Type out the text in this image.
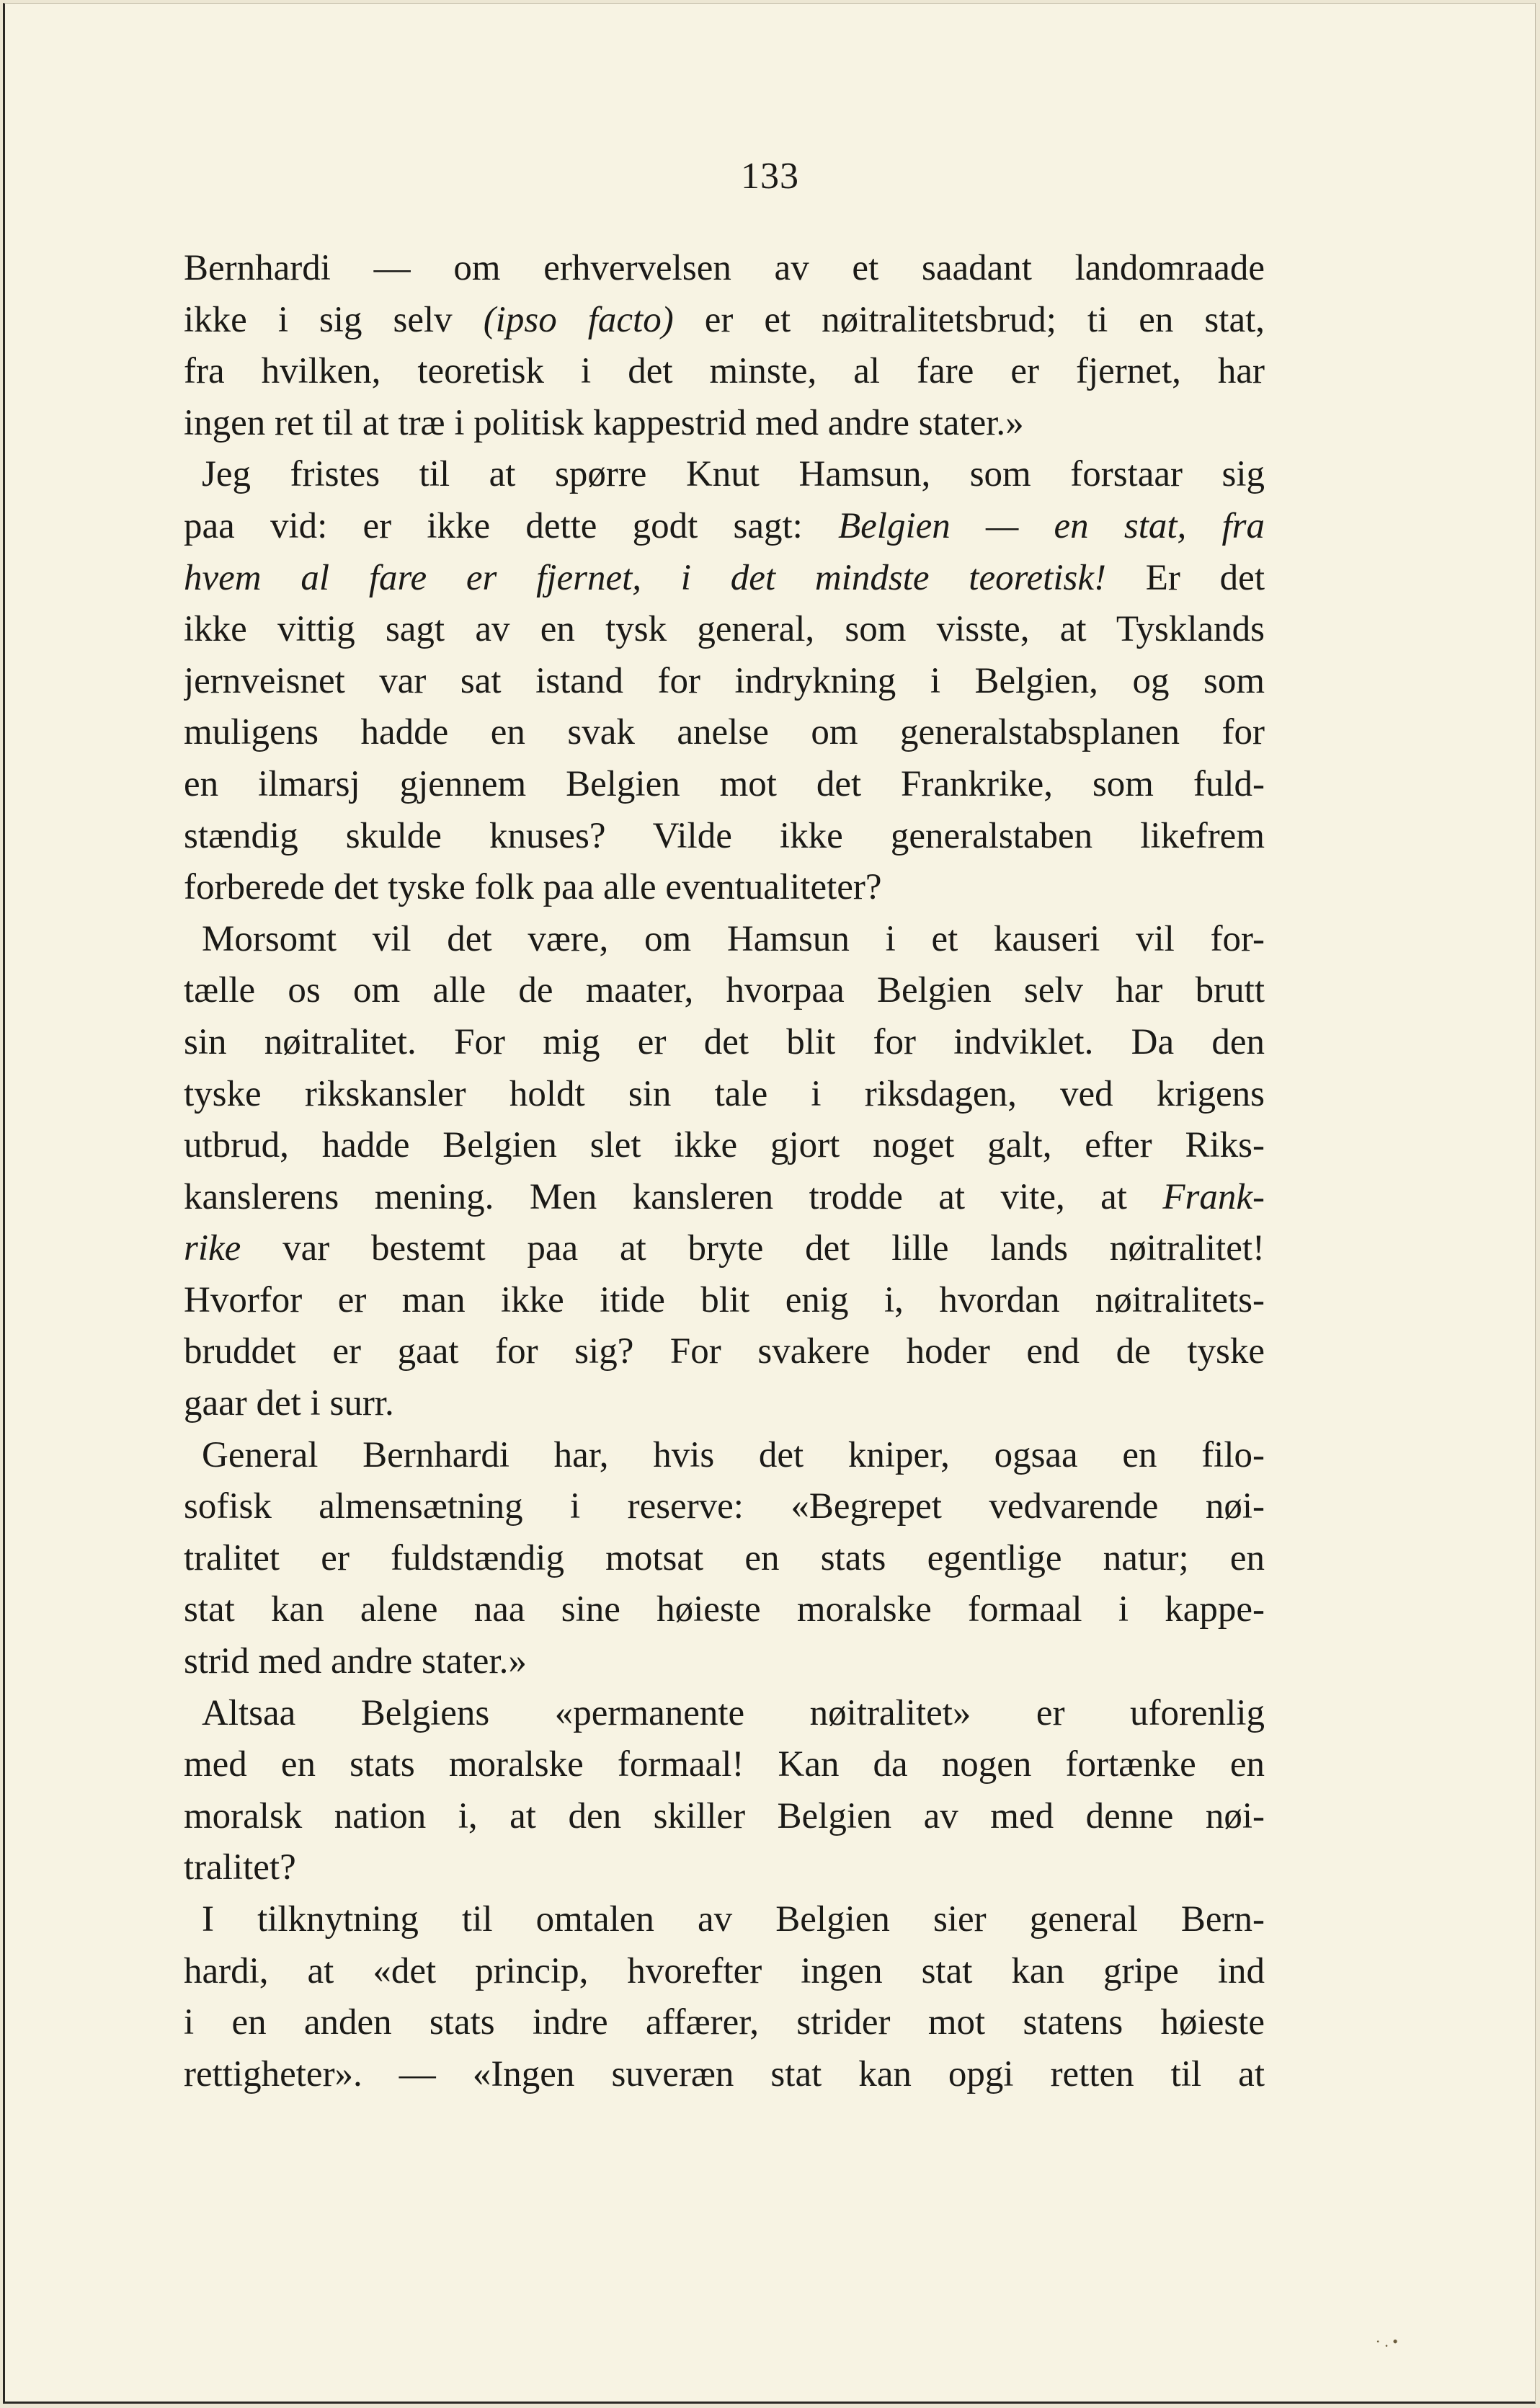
133
Bernhardi — om erhvervelsen av et saadant landomraade
ikke i sig selv (ipso facto) er et nøitralitetsbrud; ti en stat,
fra hvilken, teoretisk i det minste, al fare er fjernet, har
ingen ret til at træ i politisk kappestrid med andre stater.»
Jeg fristes til at spørre Knut Hamsun, som forstaar sig
paa vid: er ikke dette godt sagt: Belgien — en stat, fra
hvem al fare er fjernet, i det mindste teoretisk! Er det
ikke vittig sagt av en tysk general, som visste, at Tysklands
jernveisnet var sat istand for indrykning i Belgien, og som
muligens hadde en svak anelse om generalstabsplanen for
en ilmarsj gjennem Belgien mot det Frankrike, som fuld-
stændig skulde knuses? Vilde ikke generalstaben likefrem
forberede det tyske folk paa alle eventualiteter?
Morsomt vil det være, om Hamsun i et kauseri vil for-
tælle os om alle de maater, hvorpaa Belgien selv har brutt
sin nøitralitet. For mig er det blit for indviklet. Da den
tyske rikskansler holdt sin tale i riksdagen, ved krigens
utbrud, hadde Belgien slet ikke gjort noget galt, efter Riks-
kanslerens mening. Men kansleren trodde at vite, at Frank-
rike var bestemt paa at bryte det lille lands nøitralitet!
Hvorfor er man ikke itide blit enig i, hvordan nøitralitets-
bruddet er gaat for sig? For svakere hoder end de tyske
gaar det i surr.
General Bernhardi har, hvis det kniper, ogsaa en filo-
sofisk almensætning i reserve: «Begrepet vedvarende nøi-
tralitet er fuldstændig motsat en stats egentlige natur; en
stat kan alene naa sine høieste moralske formaal i kappe-
strid med andre stater.»
Altsaa Belgiens «permanente nøitralitet» er uforenlig
med en stats moralske formaal! Kan da nogen fortænke en
moralsk nation i, at den skiller Belgien av med denne nøi-
tralitet?
I tilknytning til omtalen av Belgien sier general Bern-
hardi, at «det princip, hvorefter ingen stat kan gripe ind
i en anden stats indre affærer, strider mot statens høieste
rettigheter». — «Ingen suveræn stat kan opgi retten til at
· . •
